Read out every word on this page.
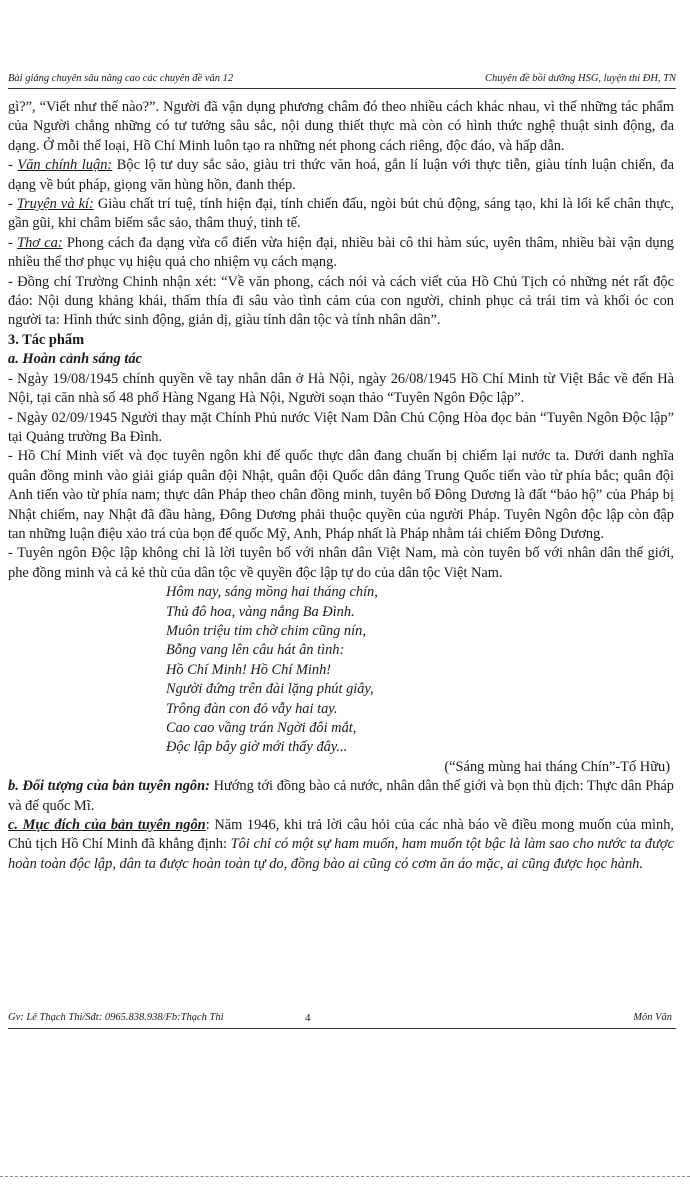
Bài giảng chuyên sâu nâng cao các chuyên đề văn 12	Chuyên đề bồi dưỡng HSG, luyện thi ĐH, TN

gì?”, “Viết như thế nào?”. Người đã vận dụng phương châm đó theo nhiều cách khác nhau, vì thế những tác phẩm của Người chẳng những có tư tưởng sâu sắc, nội dung thiết thực mà còn có hình thức nghệ thuật sinh động, đa dạng. Ở mỗi thể loại, Hồ Chí Minh luôn tạo ra những nét phong cách riêng, độc đáo, và hấp dẫn.

- Văn chính luận: Bộc lộ tư duy sắc sảo, giàu tri thức văn hoá, gắn lí luận với thực tiễn, giàu tính luận chiến, đa dạng về bút pháp, giọng văn hùng hồn, đanh thép.

- Truyện và kí: Giàu chất trí tuệ, tính hiện đại, tính chiến đấu, ngòi bút chủ động, sáng tạo, khi là lối kể chân thực, gần gũi, khi châm biếm sắc sảo, thâm thuý, tinh tế.

- Thơ ca: Phong cách đa dạng vừa cổ điển vừa hiện đại, nhiều bài cô thi hàm súc, uyên thâm, nhiều bài vận dụng nhiều thể thơ phục vụ hiệu quả cho nhiệm vụ cách mạng.

- Đồng chí Trường Chinh nhận xét: “Về văn phong, cách nói và cách viết của Hồ Chủ Tịch có những nét rất độc đáo: Nội dung khảng khái, thấm thía đi sâu vào tình cảm của con người, chinh phục cả trái tim và khối óc con người ta: Hình thức sinh động, giản dị, giàu tính dân tộc và tính nhân dân”.

3. Tác phẩm

a. Hoàn cảnh sáng tác

- Ngày 19/08/1945 chính quyền về tay nhân dân ở Hà Nội, ngày 26/08/1945 Hồ Chí Minh từ Việt Bắc về đến Hà Nội, tại căn nhà số 48 phố Hàng Ngang Hà Nội, Người soạn thảo “Tuyên Ngôn Độc lập”.

- Ngày 02/09/1945 Người thay mặt Chính Phủ nước Việt Nam Dân Chủ Cộng Hòa đọc bản “Tuyên Ngôn Độc lập” tại Quảng trường Ba Đình.

- Hồ Chí Minh viết và đọc tuyên ngôn khi đế quốc thực dân đang chuẩn bị chiếm lại nước ta. Dưới danh nghĩa quân đồng minh vào giải giáp quân đội Nhật, quân đội Quốc dân đảng Trung Quốc tiến vào từ phía bắc; quân đội Anh tiến vào từ phía nam; thực dân Pháp theo chân đồng minh, tuyên bố Đông Dương là đất “bảo hộ” của Pháp bị Nhật chiếm, nay Nhật đã đầu hàng, Đông Dương phải thuộc quyền của người Pháp. Tuyên Ngôn độc lập còn đập tan những luận điệu xảo trá của bọn đế quốc Mỹ, Anh, Pháp nhất là Pháp nhằm tái chiếm Đông Dương.

- Tuyên ngôn Độc lập không chỉ là lời tuyên bố với nhân dân Việt Nam, mà còn tuyên bố với nhân dân thế giới, phe đồng minh và cả kẻ thù của dân tộc về quyền độc lập tự do của dân tộc Việt Nam.

Hôm nay, sáng mồng hai tháng chín,
Thủ đô hoa, vàng nắng Ba Đình.
Muôn triệu tim chờ chim cũng nín,
Bỗng vang lên câu hát ân tình:
Hồ Chí Minh! Hồ Chí Minh!
Người đứng trên đài lặng phút giây,
Trông đàn con đỏ vẫy hai tay.
Cao cao vầng trán Ngời đôi mắt,
Độc lập bây giờ mới thấy đây...

(“Sáng mùng hai tháng Chín”-Tố Hữu)

b. Đối tượng của bản tuyên ngôn: Hướng tới đồng bào cả nước, nhân dân thế giới và bọn thù địch: Thực dân Pháp và đế quốc Mĩ.

c. Mục đích của bản tuyên ngôn: Năm 1946, khi trả lời câu hỏi của các nhà báo về điều mong muốn của mình, Chủ tịch Hồ Chí Minh đã khẳng định: Tôi chỉ có một sự ham muốn, ham muốn tột bậc là làm sao cho nước ta được hoàn toàn độc lập, dân ta được hoàn toàn tự do, đồng bào ai cũng có cơm ăn áo mặc, ai cũng được học hành.

Gv: Lê Thạch Thi/Sđt: 0965.838.938/Fb:Thạch Thi	4	Môn Văn
